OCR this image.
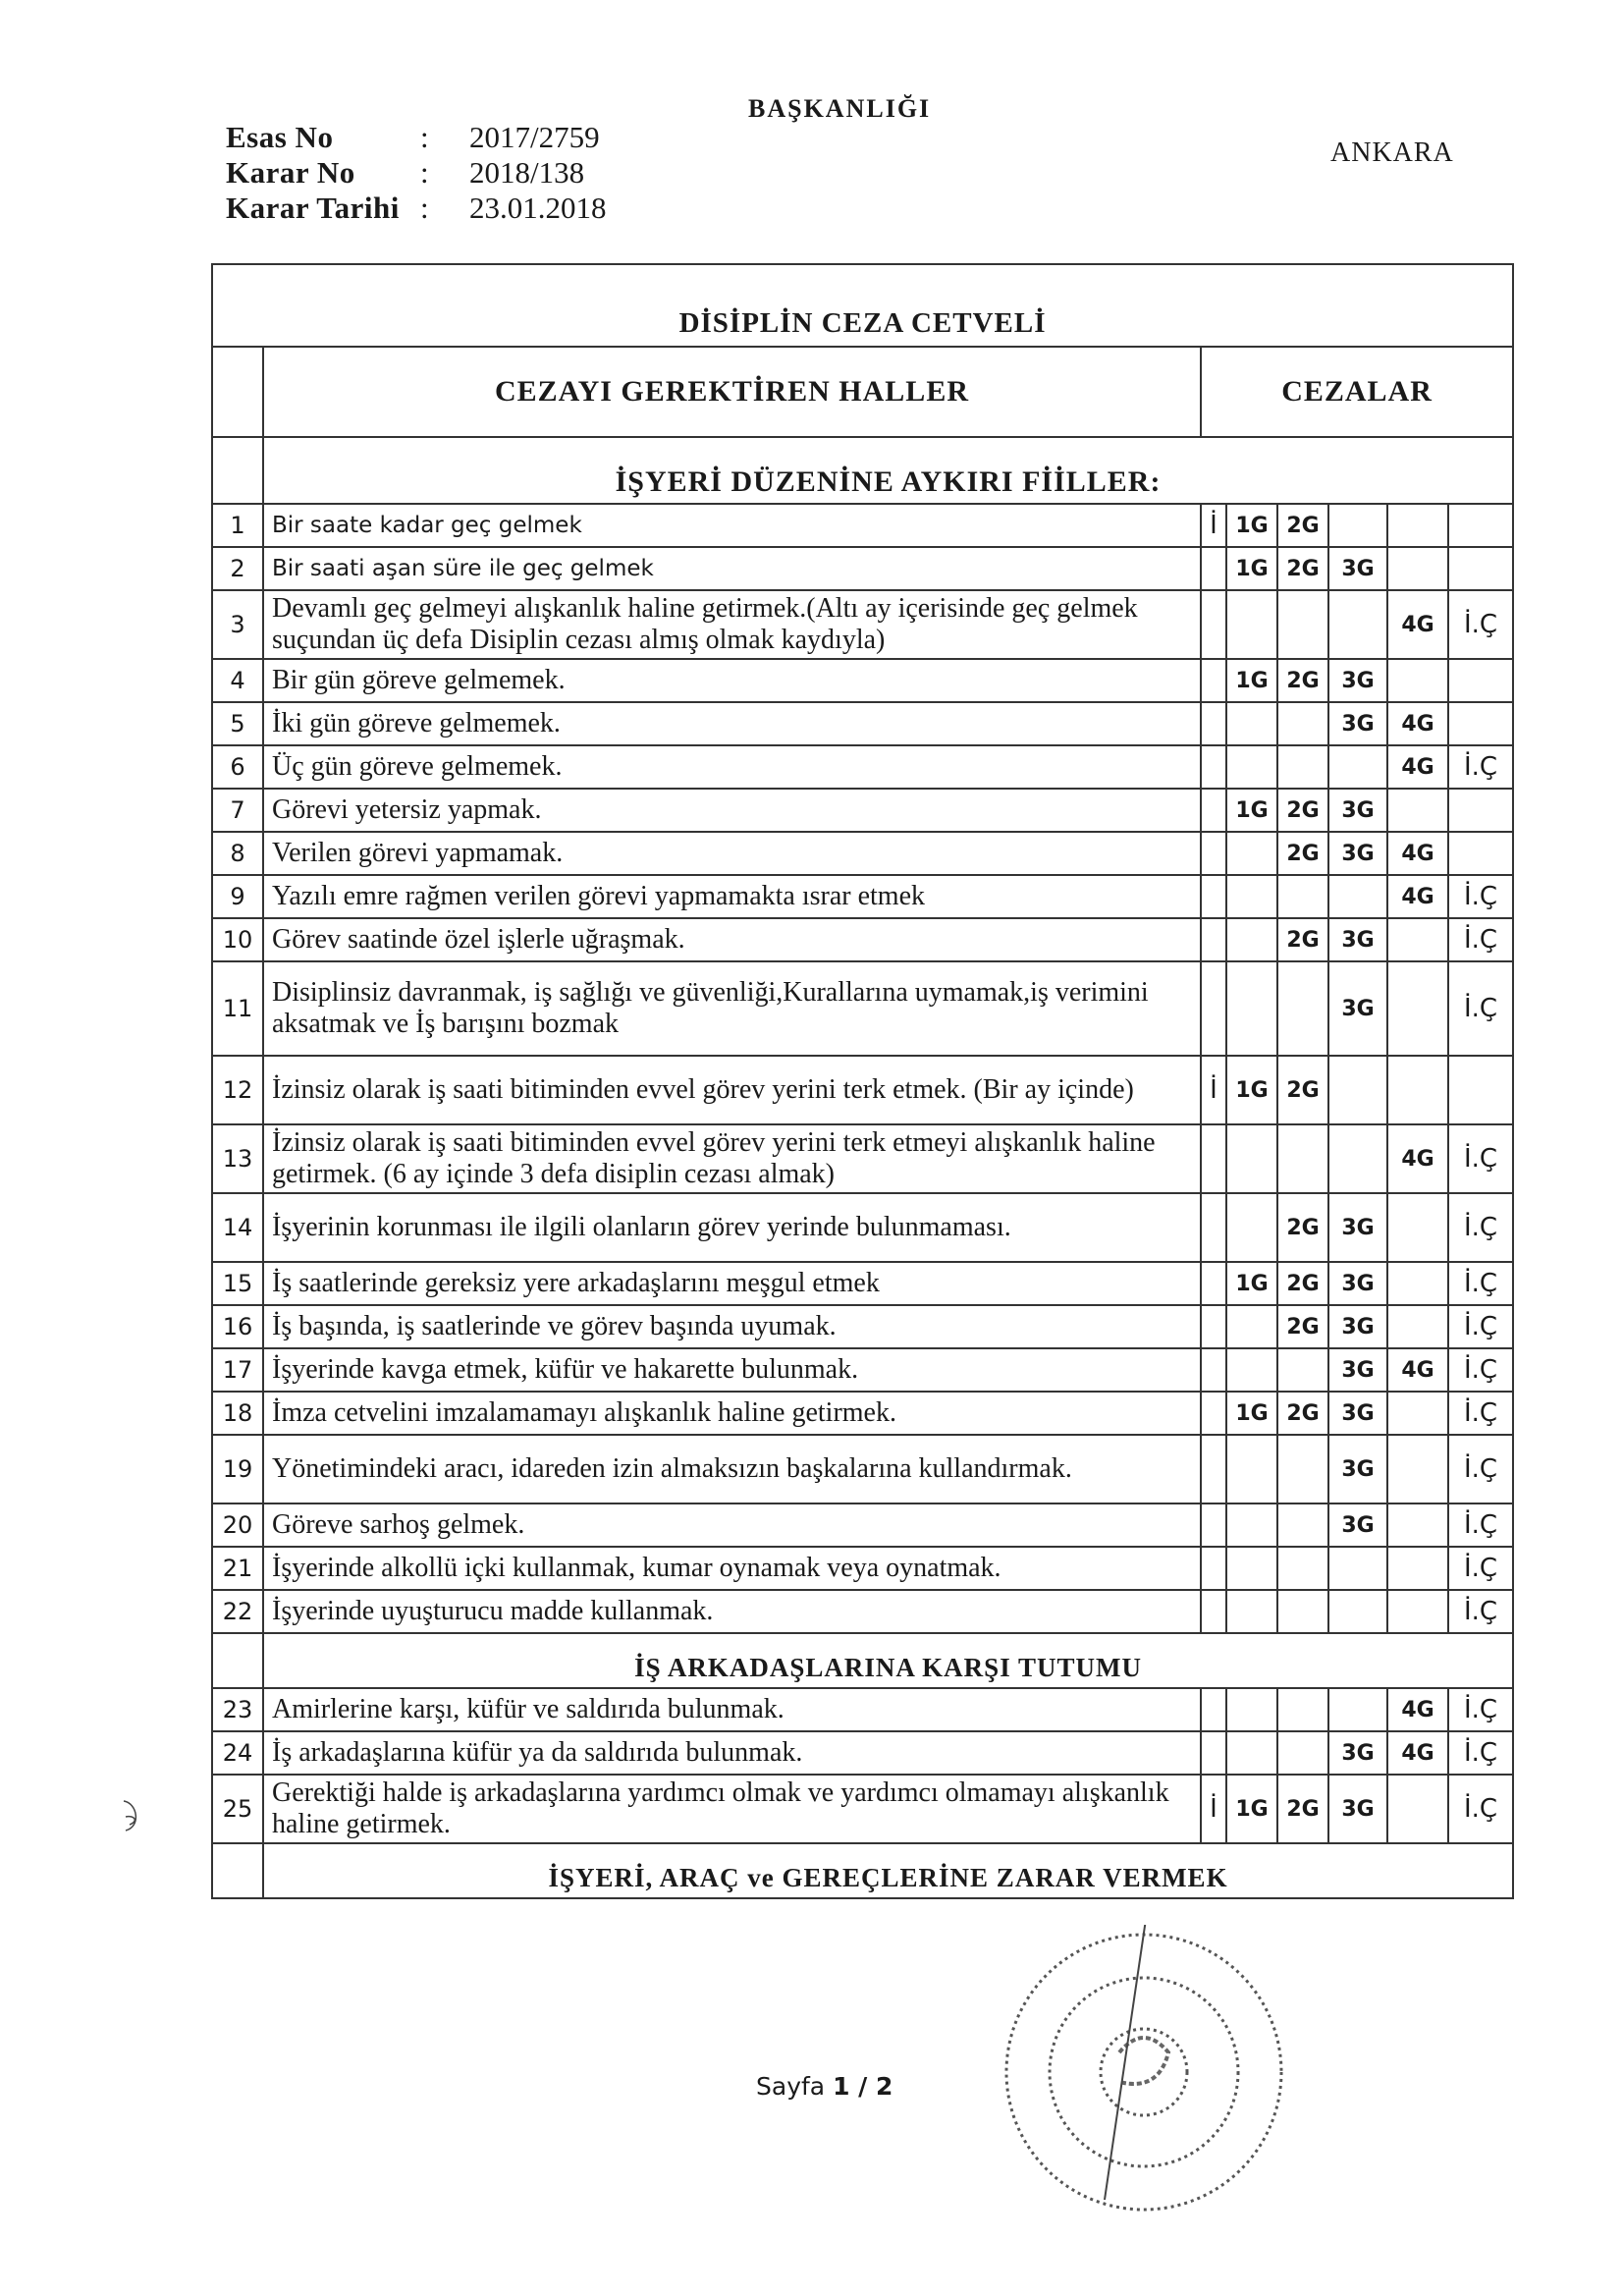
BAŞKANLIĞI
ANKARA
Esas No	:	2017/2759
Karar No	:	2018/138
Karar Tarihi :	23.01.2018
DİSİPLİN CEZA CETVELİ							
	CEZAYI GEREKTİREN HALLER	CEZALAR					
	İŞYERİ DÜZENİNE AYKIRI FİİLLER:						
1	Bir saate kadar geç gelmek	İ	1G	2G			
2	Bir saati aşan süre ile geç gelmek		1G	2G	3G		
3	Devamlı geç gelmeyi alışkanlık haline getirmek.(Altı ay içerisinde geç gelmek suçundan üç defa Disiplin cezası almış olmak kaydıyla)					4G	İ.Ç
4	Bir gün göreve gelmemek.		1G	2G	3G		
5	İki gün göreve gelmemek.				3G	4G	
6	Üç gün göreve gelmemek.					4G	İ.Ç
7	Görevi yetersiz yapmak.		1G	2G	3G		
8	Verilen görevi yapmamak.			2G	3G	4G	
9	Yazılı emre rağmen verilen görevi yapmamakta ısrar etmek					4G	İ.Ç
10	Görev saatinde özel işlerle uğraşmak.			2G	3G		İ.Ç
11	Disiplinsiz davranmak, iş sağlığı ve güvenliği,Kurallarına uymamak,iş verimini aksatmak ve İş barışını bozmak				3G		İ.Ç
12	İzinsiz olarak iş saati bitiminden evvel görev yerini terk etmek. (Bir ay içinde)	İ	1G	2G			
13	İzinsiz olarak iş saati bitiminden evvel görev yerini terk etmeyi alışkanlık haline getirmek. (6 ay içinde 3 defa disiplin cezası almak)					4G	İ.Ç
14	İşyerinin korunması ile ilgili olanların görev yerinde bulunmaması.			2G	3G		İ.Ç
15	İş saatlerinde gereksiz yere arkadaşlarını meşgul etmek		1G	2G	3G		İ.Ç
16	İş başında, iş saatlerinde ve görev başında uyumak.			2G	3G		İ.Ç
17	İşyerinde kavga etmek, küfür ve hakarette bulunmak.				3G	4G	İ.Ç
18	İmza cetvelini imzalamamayı alışkanlık haline getirmek.		1G	2G	3G		İ.Ç
19	Yönetimindeki aracı, idareden izin almaksızın başkalarına kullandırmak.				3G		İ.Ç
20	Göreve sarhoş gelmek.				3G		İ.Ç
21	İşyerinde alkollü içki kullanmak, kumar oynamak veya oynatmak.						İ.Ç
22	İşyerinde uyuşturucu madde kullanmak.						İ.Ç
	İŞ ARKADAŞLARINA KARŞI TUTUMU						
23	Amirlerine karşı, küfür ve saldırıda bulunmak.					4G	İ.Ç
24	İş arkadaşlarına küfür ya da saldırıda bulunmak.				3G	4G	İ.Ç
25	Gerektiği halde iş arkadaşlarına yardımcı olmak ve yardımcı olmamayı alışkanlık haline getirmek.	İ	1G	2G	3G		İ.Ç
	İŞYERİ, ARAÇ ve GEREÇLERİNE ZARAR VERMEK						
Sayfa 1 / 2
